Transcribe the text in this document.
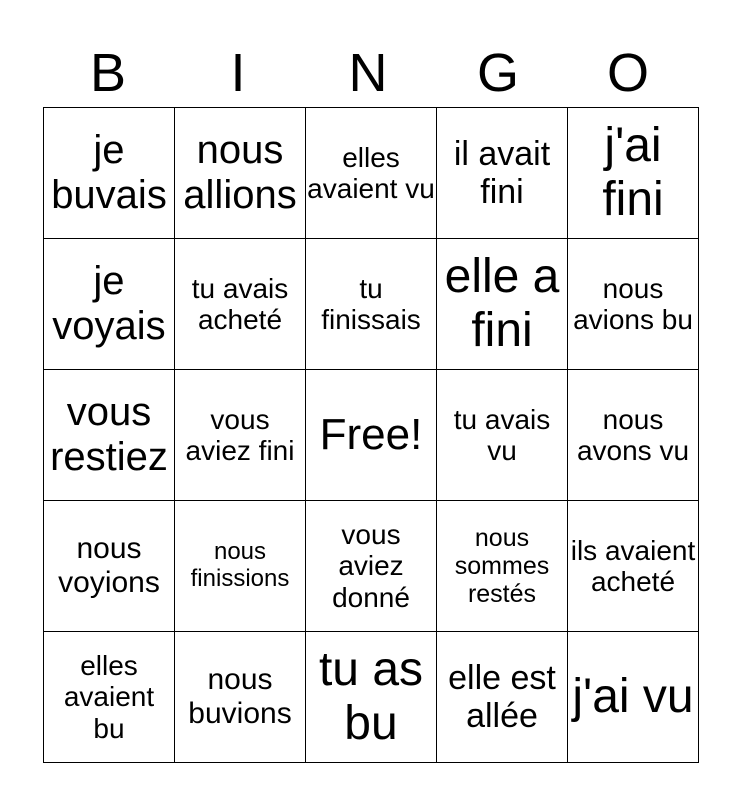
B	I	N	G	O
je buvais	nous allions	elles avaient vu	il avait fini	j'ai fini

je voyais	tu avais acheté	tu finissais	elle a fini	nous avions bu

vous restiez	vous aviez fini	Free!	tu avais vu	nous avons vu

nous voyions	nous finissions	vous aviez donné	nous sommes restés	ils avaient acheté

elles avaient bu	nous buvions	tu as bu	elle est allée	j'ai vu
